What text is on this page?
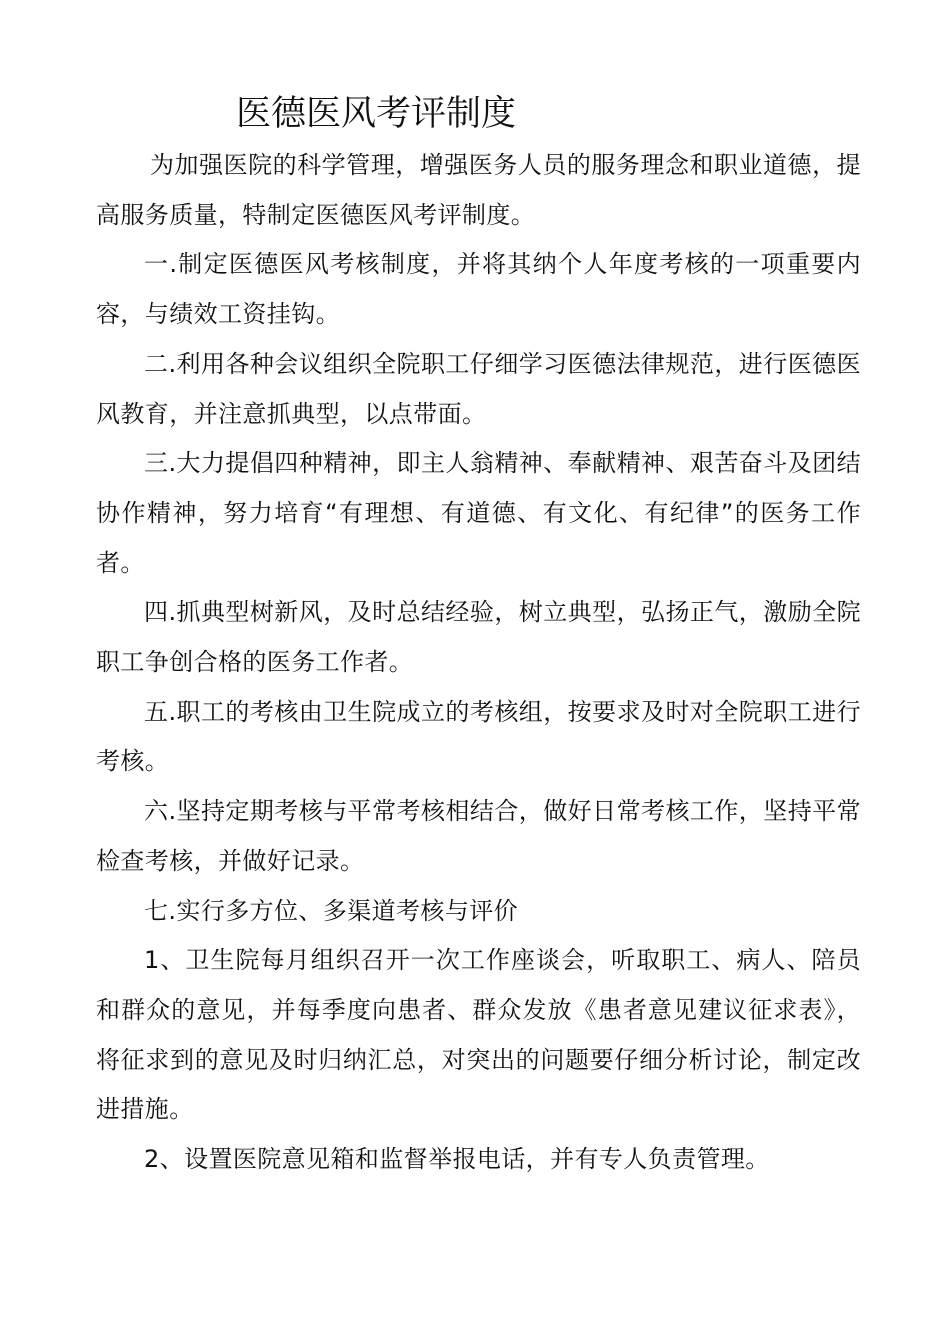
医德医风考评制度

为加强医院的科学管理，增强医务人员的服务理念和职业道德，提高服务质量，特制定医德医风考评制度。

一.制定医德医风考核制度，并将其纳个人年度考核的一项重要内容，与绩效工资挂钩。

二.利用各种会议组织全院职工仔细学习医德法律规范，进行医德医风教育，并注意抓典型，以点带面。

三.大力提倡四种精神，即主人翁精神、奉献精神、艰苦奋斗及团结协作精神，努力培育“有理想、有道德、有文化、有纪律”的医务工作者。

四.抓典型树新风，及时总结经验，树立典型，弘扬正气，激励全院职工争创合格的医务工作者。

五.职工的考核由卫生院成立的考核组，按要求及时对全院职工进行考核。

六.坚持定期考核与平常考核相结合，做好日常考核工作，坚持平常检查考核，并做好记录。

七.实行多方位、多渠道考核与评价

1、卫生院每月组织召开一次工作座谈会，听取职工、病人、陪员和群众的意见，并每季度向患者、群众发放《患者意见建议征求表》，将征求到的意见及时归纳汇总，对突出的问题要仔细分析讨论，制定改进措施。

2、设置医院意见箱和监督举报电话，并有专人负责管理。
